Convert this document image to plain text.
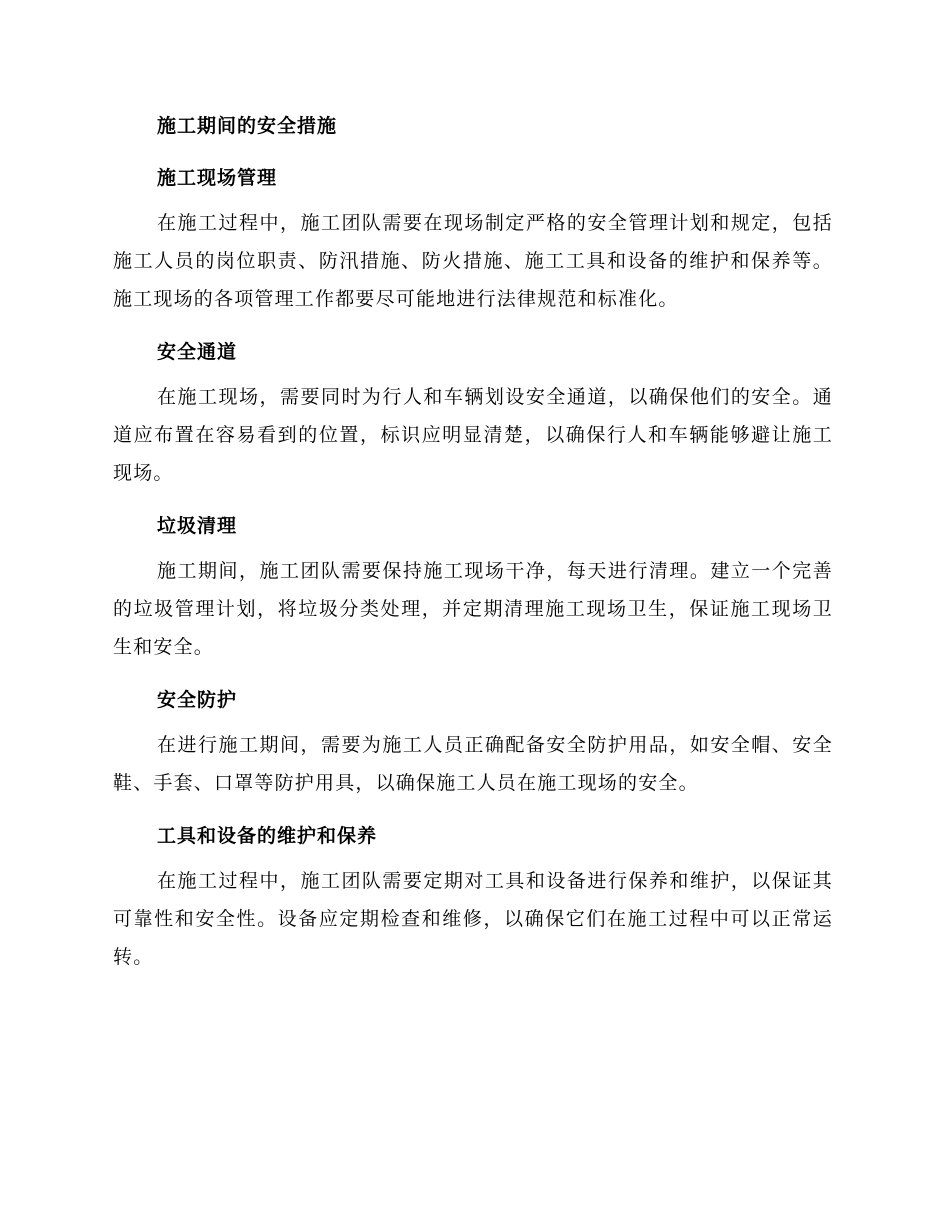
施工期间的安全措施
施工现场管理

在施工过程中，施工团队需要在现场制定严格的安全管理计划和规定，包括施工人员的岗位职责、防汛措施、防火措施、施工工具和设备的维护和保养等。施工现场的各项管理工作都要尽可能地进行法律规范和标准化。

安全通道

在施工现场，需要同时为行人和车辆划设安全通道，以确保他们的安全。通道应布置在容易看到的位置，标识应明显清楚，以确保行人和车辆能够避让施工现场。

垃圾清理

施工期间，施工团队需要保持施工现场干净，每天进行清理。建立一个完善的垃圾管理计划，将垃圾分类处理，并定期清理施工现场卫生，保证施工现场卫生和安全。

安全防护

在进行施工期间，需要为施工人员正确配备安全防护用品，如安全帽、安全鞋、手套、口罩等防护用具，以确保施工人员在施工现场的安全。

工具和设备的维护和保养

在施工过程中，施工团队需要定期对工具和设备进行保养和维护，以保证其可靠性和安全性。设备应定期检查和维修，以确保它们在施工过程中可以正常运转。
